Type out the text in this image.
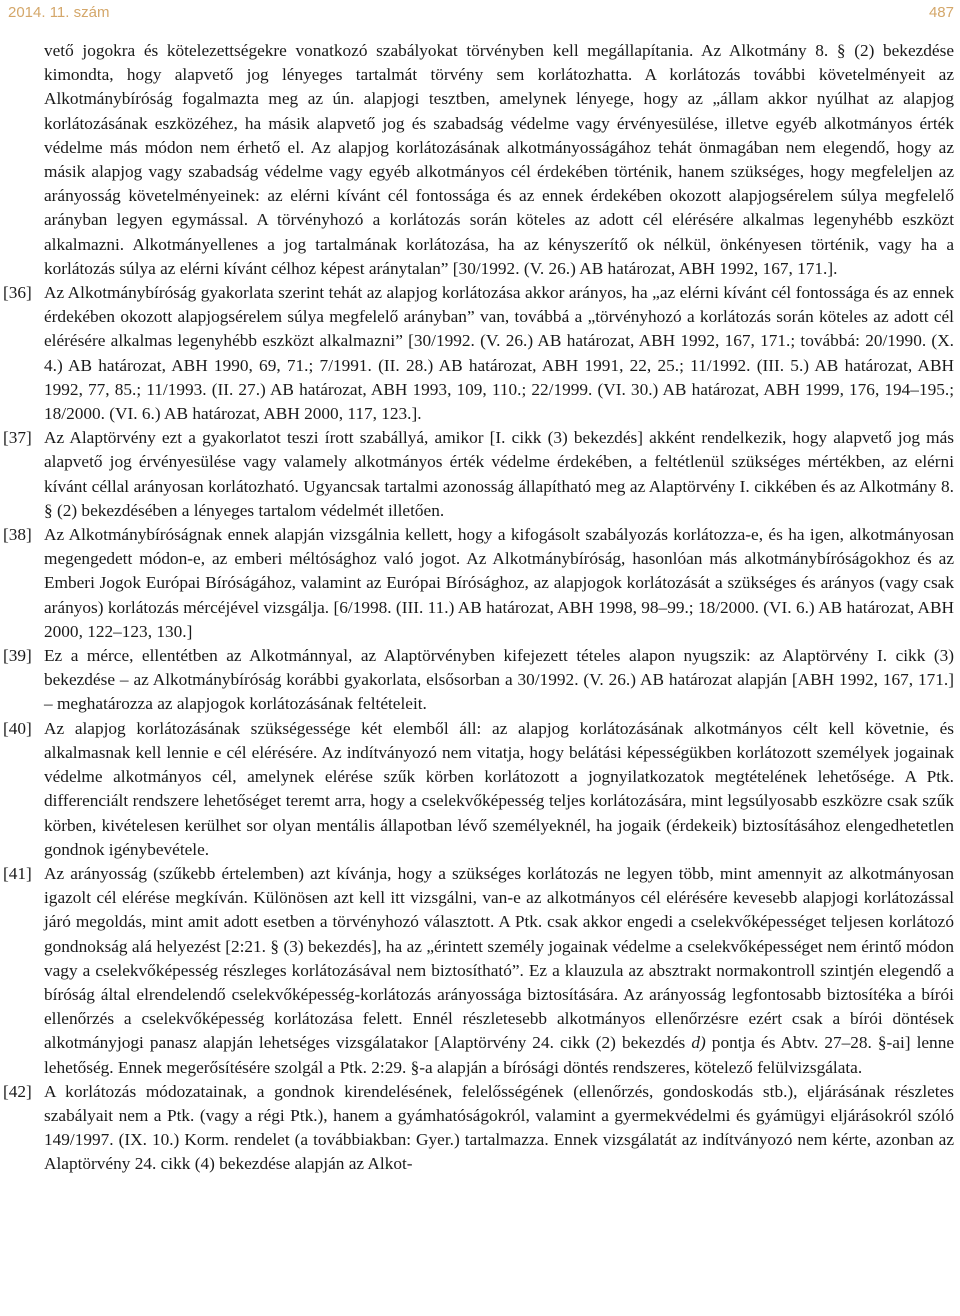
2014. 11. szám	487
vető jogokra és kötelezettségekre vonatkozó szabályokat törvényben kell megállapítania. Az Alkotmány 8. § (2) bekezdése kimondta, hogy alapvető jog lényeges tartalmát törvény sem korlátozhatta. A korlátozás további követelményeit az Alkotmánybíróság fogalmazta meg az ún. alapjogi tesztben, amelynek lényege, hogy az „állam akkor nyúlhat az alapjog korlátozásának eszközéhez, ha másik alapvető jog és szabadság védelme vagy érvényesülése, illetve egyéb alkotmányos érték védelme más módon nem érhető el. Az alapjog korlátozásának alkotmányosságához tehát önmagában nem elegendő, hogy az másik alapjog vagy szabadság védelme vagy egyéb alkotmányos cél érdekében történik, hanem szükséges, hogy megfeleljen az arányosság követelményeinek: az elérni kívánt cél fontossága és az ennek érdekében okozott alapjogsérelem súlya megfelelő arányban legyen egymással. A törvényhozó a korlátozás során köteles az adott cél elérésére alkalmas legenyhébb eszközt alkalmazni. Alkotmányellenes a jog tartalmának korlátozása, ha az kényszerítő ok nélkül, önkényesen történik, vagy ha a korlátozás súlya az elérni kívánt célhoz képest aránytalan” [30/1992. (V. 26.) AB határozat, ABH 1992, 167, 171.].
[36] Az Alkotmánybíróság gyakorlata szerint tehát az alapjog korlátozása akkor arányos, ha „az elérni kívánt cél fontossága és az ennek érdekében okozott alapjogsérelem súlya megfelelő arányban” van, továbbá a „törvényhozó a korlátozás során köteles az adott cél elérésére alkalmas legenyhébb eszközt alkalmazni” [30/1992. (V. 26.) AB határozat, ABH 1992, 167, 171.; továbbá: 20/1990. (X. 4.) AB határozat, ABH 1990, 69, 71.; 7/1991. (II. 28.) AB határozat, ABH 1991, 22, 25.; 11/1992. (III. 5.) AB határozat, ABH 1992, 77, 85.; 11/1993. (II. 27.) AB határozat, ABH 1993, 109, 110.; 22/1999. (VI. 30.) AB határozat, ABH 1999, 176, 194–195.; 18/2000. (VI. 6.) AB határozat, ABH 2000, 117, 123.].
[37] Az Alaptörvény ezt a gyakorlatot teszi írott szabállyá, amikor [I. cikk (3) bekezdés] akként rendelkezik, hogy alapvető jog más alapvető jog érvényesülése vagy valamely alkotmányos érték védelme érdekében, a feltétlenül szükséges mértékben, az elérni kívánt céllal arányosan korlátozható. Ugyancsak tartalmi azonosság állapítható meg az Alaptörvény I. cikkében és az Alkotmány 8. § (2) bekezdésében a lényeges tartalom védelmét illetően.
[38] Az Alkotmánybíróságnak ennek alapján vizsgálnia kellett, hogy a kifogásolt szabályozás korlátozza-e, és ha igen, alkotmányosan megengedett módon-e, az emberi méltósághoz való jogot. Az Alkotmánybíróság, hasonlóan más alkotmánybíróságokhoz és az Emberi Jogok Európai Bíróságához, valamint az Európai Bírósághoz, az alapjogok korlátozását a szükséges és arányos (vagy csak arányos) korlátozás mércéjével vizsgálja. [6/1998. (III. 11.) AB határozat, ABH 1998, 98–99.; 18/2000. (VI. 6.) AB határozat, ABH 2000, 122–123, 130.]
[39] Ez a mérce, ellentétben az Alkotmánnyal, az Alaptörvényben kifejezett tételes alapon nyugszik: az Alaptörvény I. cikk (3) bekezdése – az Alkotmánybíróság korábbi gyakorlata, elsősorban a 30/1992. (V. 26.) AB határozat alapján [ABH 1992, 167, 171.] – meghatározza az alapjogok korlátozásának feltételeit.
[40] Az alapjog korlátozásának szükségessége két elemből áll: az alapjog korlátozásának alkotmányos célt kell követnie, és alkalmasnak kell lennie e cél elérésére. Az indítványozó nem vitatja, hogy belátási képességükben korlátozott személyek jogainak védelme alkotmányos cél, amelynek elérése szűk körben korlátozott a jognyilatkozatok megtételének lehetősége. A Ptk. differenciált rendszere lehetőséget teremt arra, hogy a cselekvőképesség teljes korlátozására, mint legsúlyosabb eszközre csak szűk körben, kivételesen kerülhet sor olyan mentális állapotban lévő személyeknél, ha jogaik (érdekeik) biztosításához elengedhetetlen gondnok igénybevétele.
[41] Az arányosság (szűkebb értelemben) azt kívánja, hogy a szükséges korlátozás ne legyen több, mint amennyit az alkotmányosan igazolt cél elérése megkíván. Különösen azt kell itt vizsgálni, van-e az alkotmányos cél elérésére kevesebb alapjogi korlátozással járó megoldás, mint amit adott esetben a törvényhozó választott. A Ptk. csak akkor engedi a cselekvőképességet teljesen korlátozó gondnokság alá helyezést [2:21. § (3) bekezdés], ha az „érintett személy jogainak védelme a cselekvőképességet nem érintő módon vagy a cselekvőképesség részleges korlátozásával nem biztosítható”. Ez a klauzula az absztrakt normakontroll szintjén elegendő a bíróság által elrendelendő cselekvőképesség-korlátozás arányossága biztosítására. Az arányosság legfontosabb biztosítéka a bírói ellenőrzés a cselekvőképesség korlátozása felett. Ennél részletesebb alkotmányos ellenőrzésre ezért csak a bírói döntések alkotmányjogi panasz alapján lehetséges vizsgálatakor [Alaptörvény 24. cikk (2) bekezdés d) pontja és Abtv. 27–28. §-ai] lenne lehetőség. Ennek megerősítésére szolgál a Ptk. 2:29. §-a alapján a bírósági döntés rendszeres, kötelező felülvizsgálata.
[42] A korlátozás módozatainak, a gondnok kirendelésének, felelősségének (ellenőrzés, gondoskodás stb.), eljárásának részletes szabályait nem a Ptk. (vagy a régi Ptk.), hanem a gyámhatóságokról, valamint a gyermekvédelmi és gyámügyi eljárásokról szóló 149/1997. (IX. 10.) Korm. rendelet (a továbbiakban: Gyer.) tartalmazza. Ennek vizsgálatát az indítványozó nem kérte, azonban az Alaptörvény 24. cikk (4) bekezdése alapján az Alkot-
